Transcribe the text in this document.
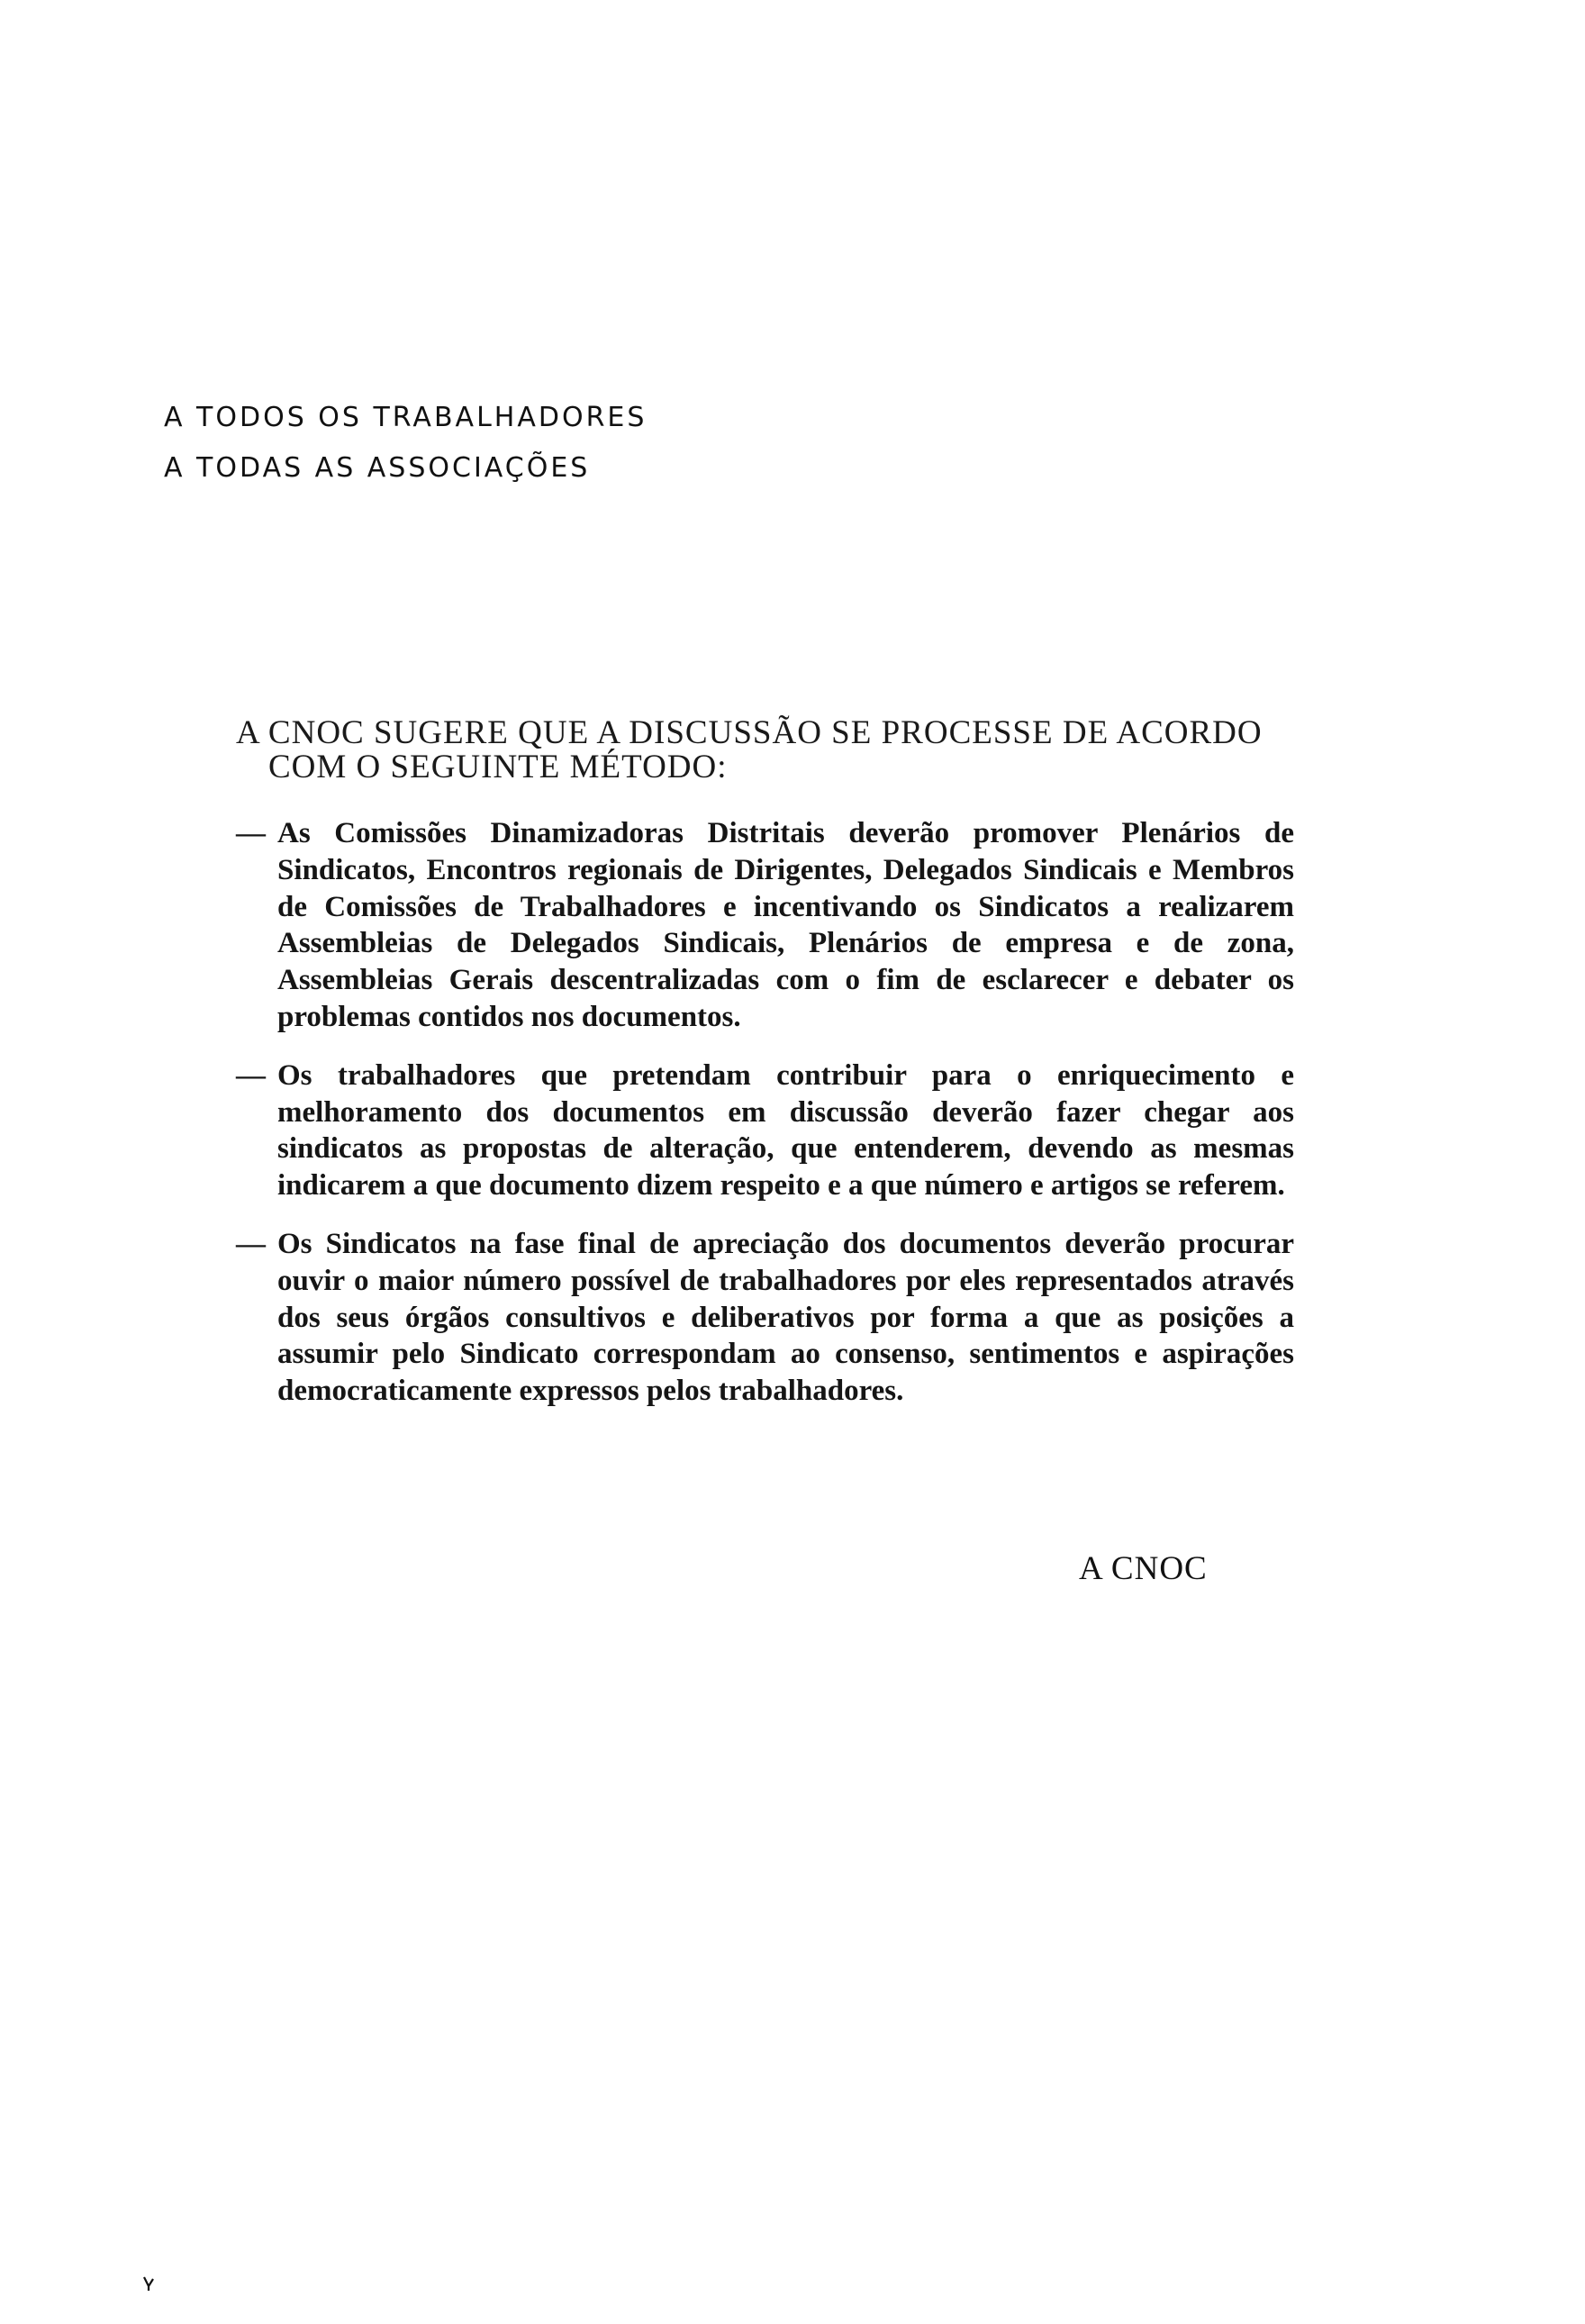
A TODOS OS TRABALHADORES
A TODAS AS ASSOCIAÇÕES
A CNOC SUGERE QUE A DISCUSSÃO SE PROCESSE DE ACORDO
COM O SEGUINTE MÉTODO:
— As Comissões Dinamizadoras Distritais deverão promover Plenários de Sindicatos, Encontros regionais de Dirigentes, Delegados Sindicais e Membros de Comissões de Trabalhadores e incentivando os Sindicatos a realizarem Assembleias de Delegados Sindicais, Plenários de empresa e de zona, Assembleias Gerais descentralizadas com o fim de esclarecer e debater os problemas contidos nos documentos.
— Os trabalhadores que pretendam contribuir para o enriquecimento e melhoramento dos documentos em discussão deverão fazer chegar aos sindicatos as propostas de alteração, que entenderem, devendo as mesmas indicarem a que documento dizem respeito e a que número e artigos se referem.
— Os Sindicatos na fase final de apreciação dos documentos deverão procurar ouvir o maior número possível de trabalhadores por eles representados através dos seus órgãos consultivos e deliberativos por forma a que as posições a assumir pelo Sindicato correspondam ao consenso, sentimentos e aspirações democraticamente expressos pelos trabalhadores.
A CNOC
